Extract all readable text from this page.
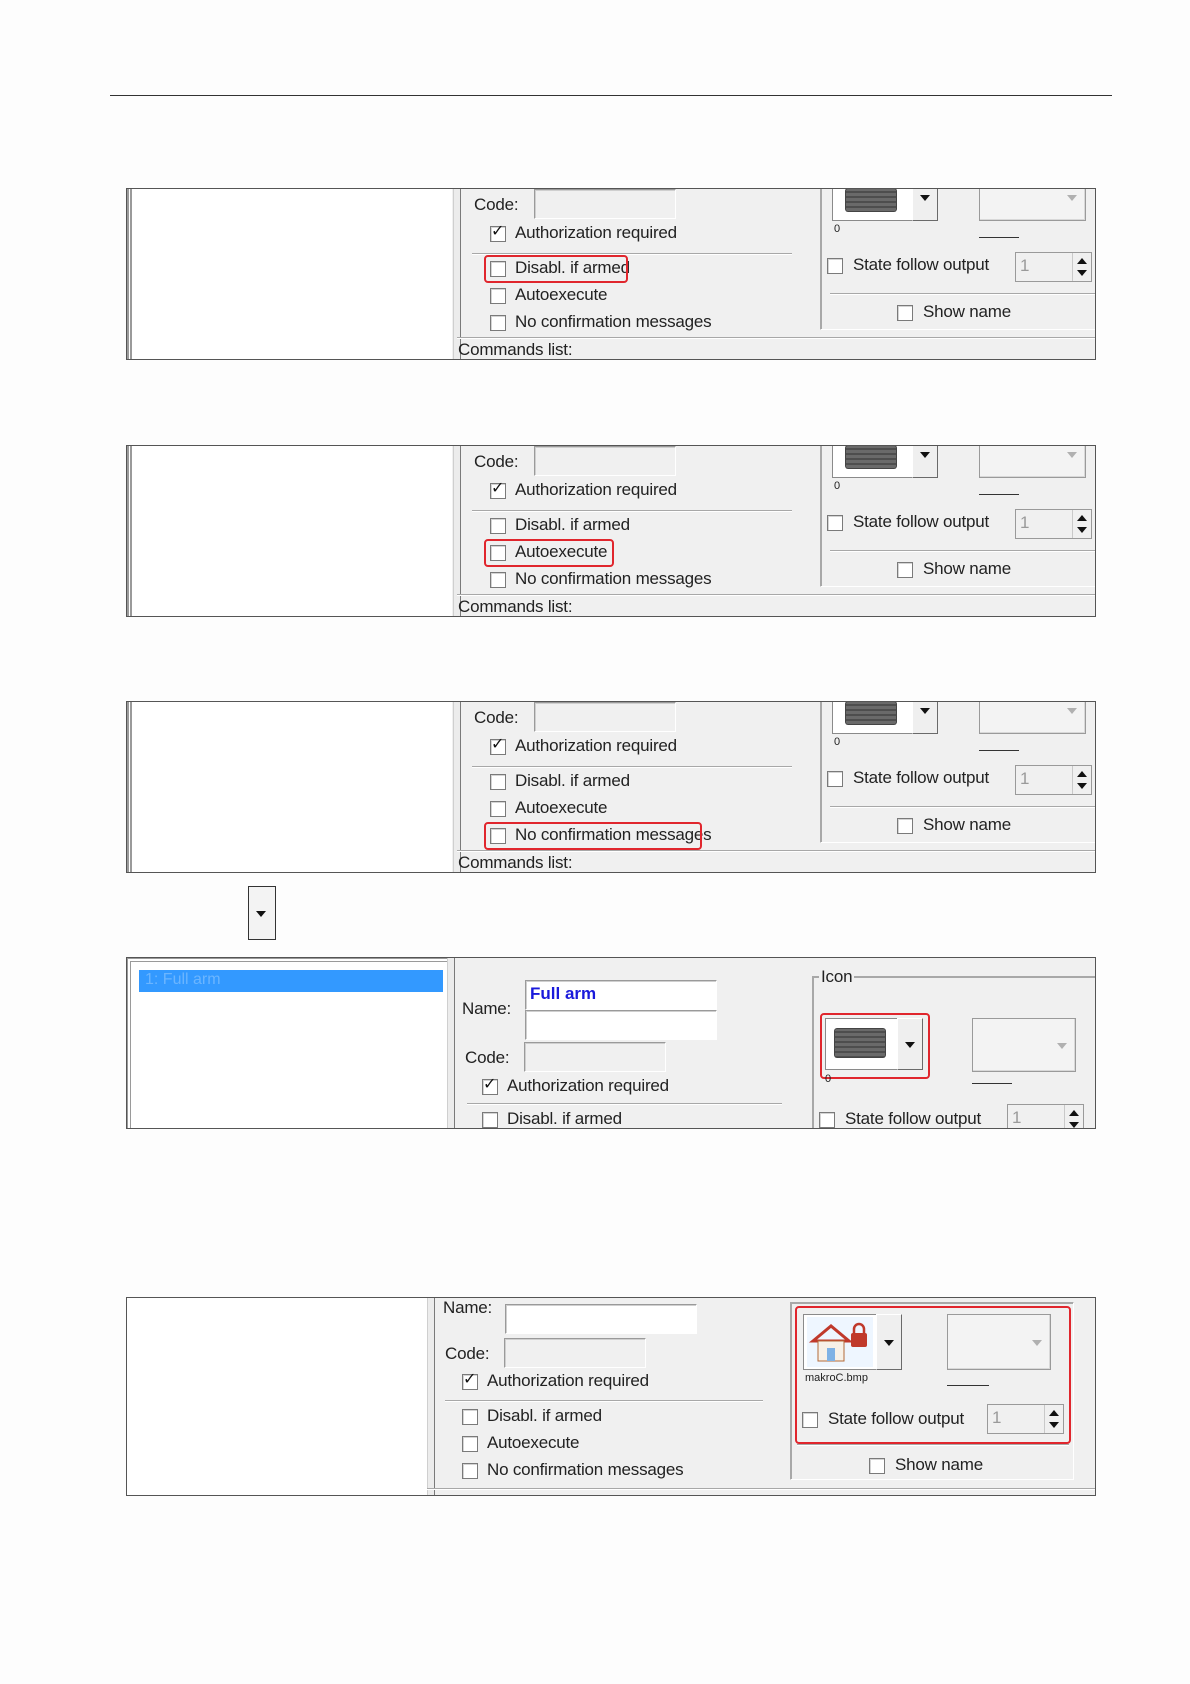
Code:
✓ Authorization required
Disabl. if armed
Autoexecute
No confirmation messages
Commands list:
0
State follow output 1
Show name
Code:
✓ Authorization required
Disabl. if armed
Autoexecute
No confirmation messages
Commands list:
0
State follow output 1
Show name
Code:
✓ Authorization required
Disabl. if armed
Autoexecute
No confirmation messages
Commands list:
0
State follow output 1
Show name
1: Full arm
Name:
Full arm
Code:
✓ Authorization required
Disabl. if armed
Icon
0
State follow output 1
Name:
Code:
✓ Authorization required
Disabl. if armed
Autoexecute
No confirmation messages
makroC.bmp
State follow output 1
Show name
